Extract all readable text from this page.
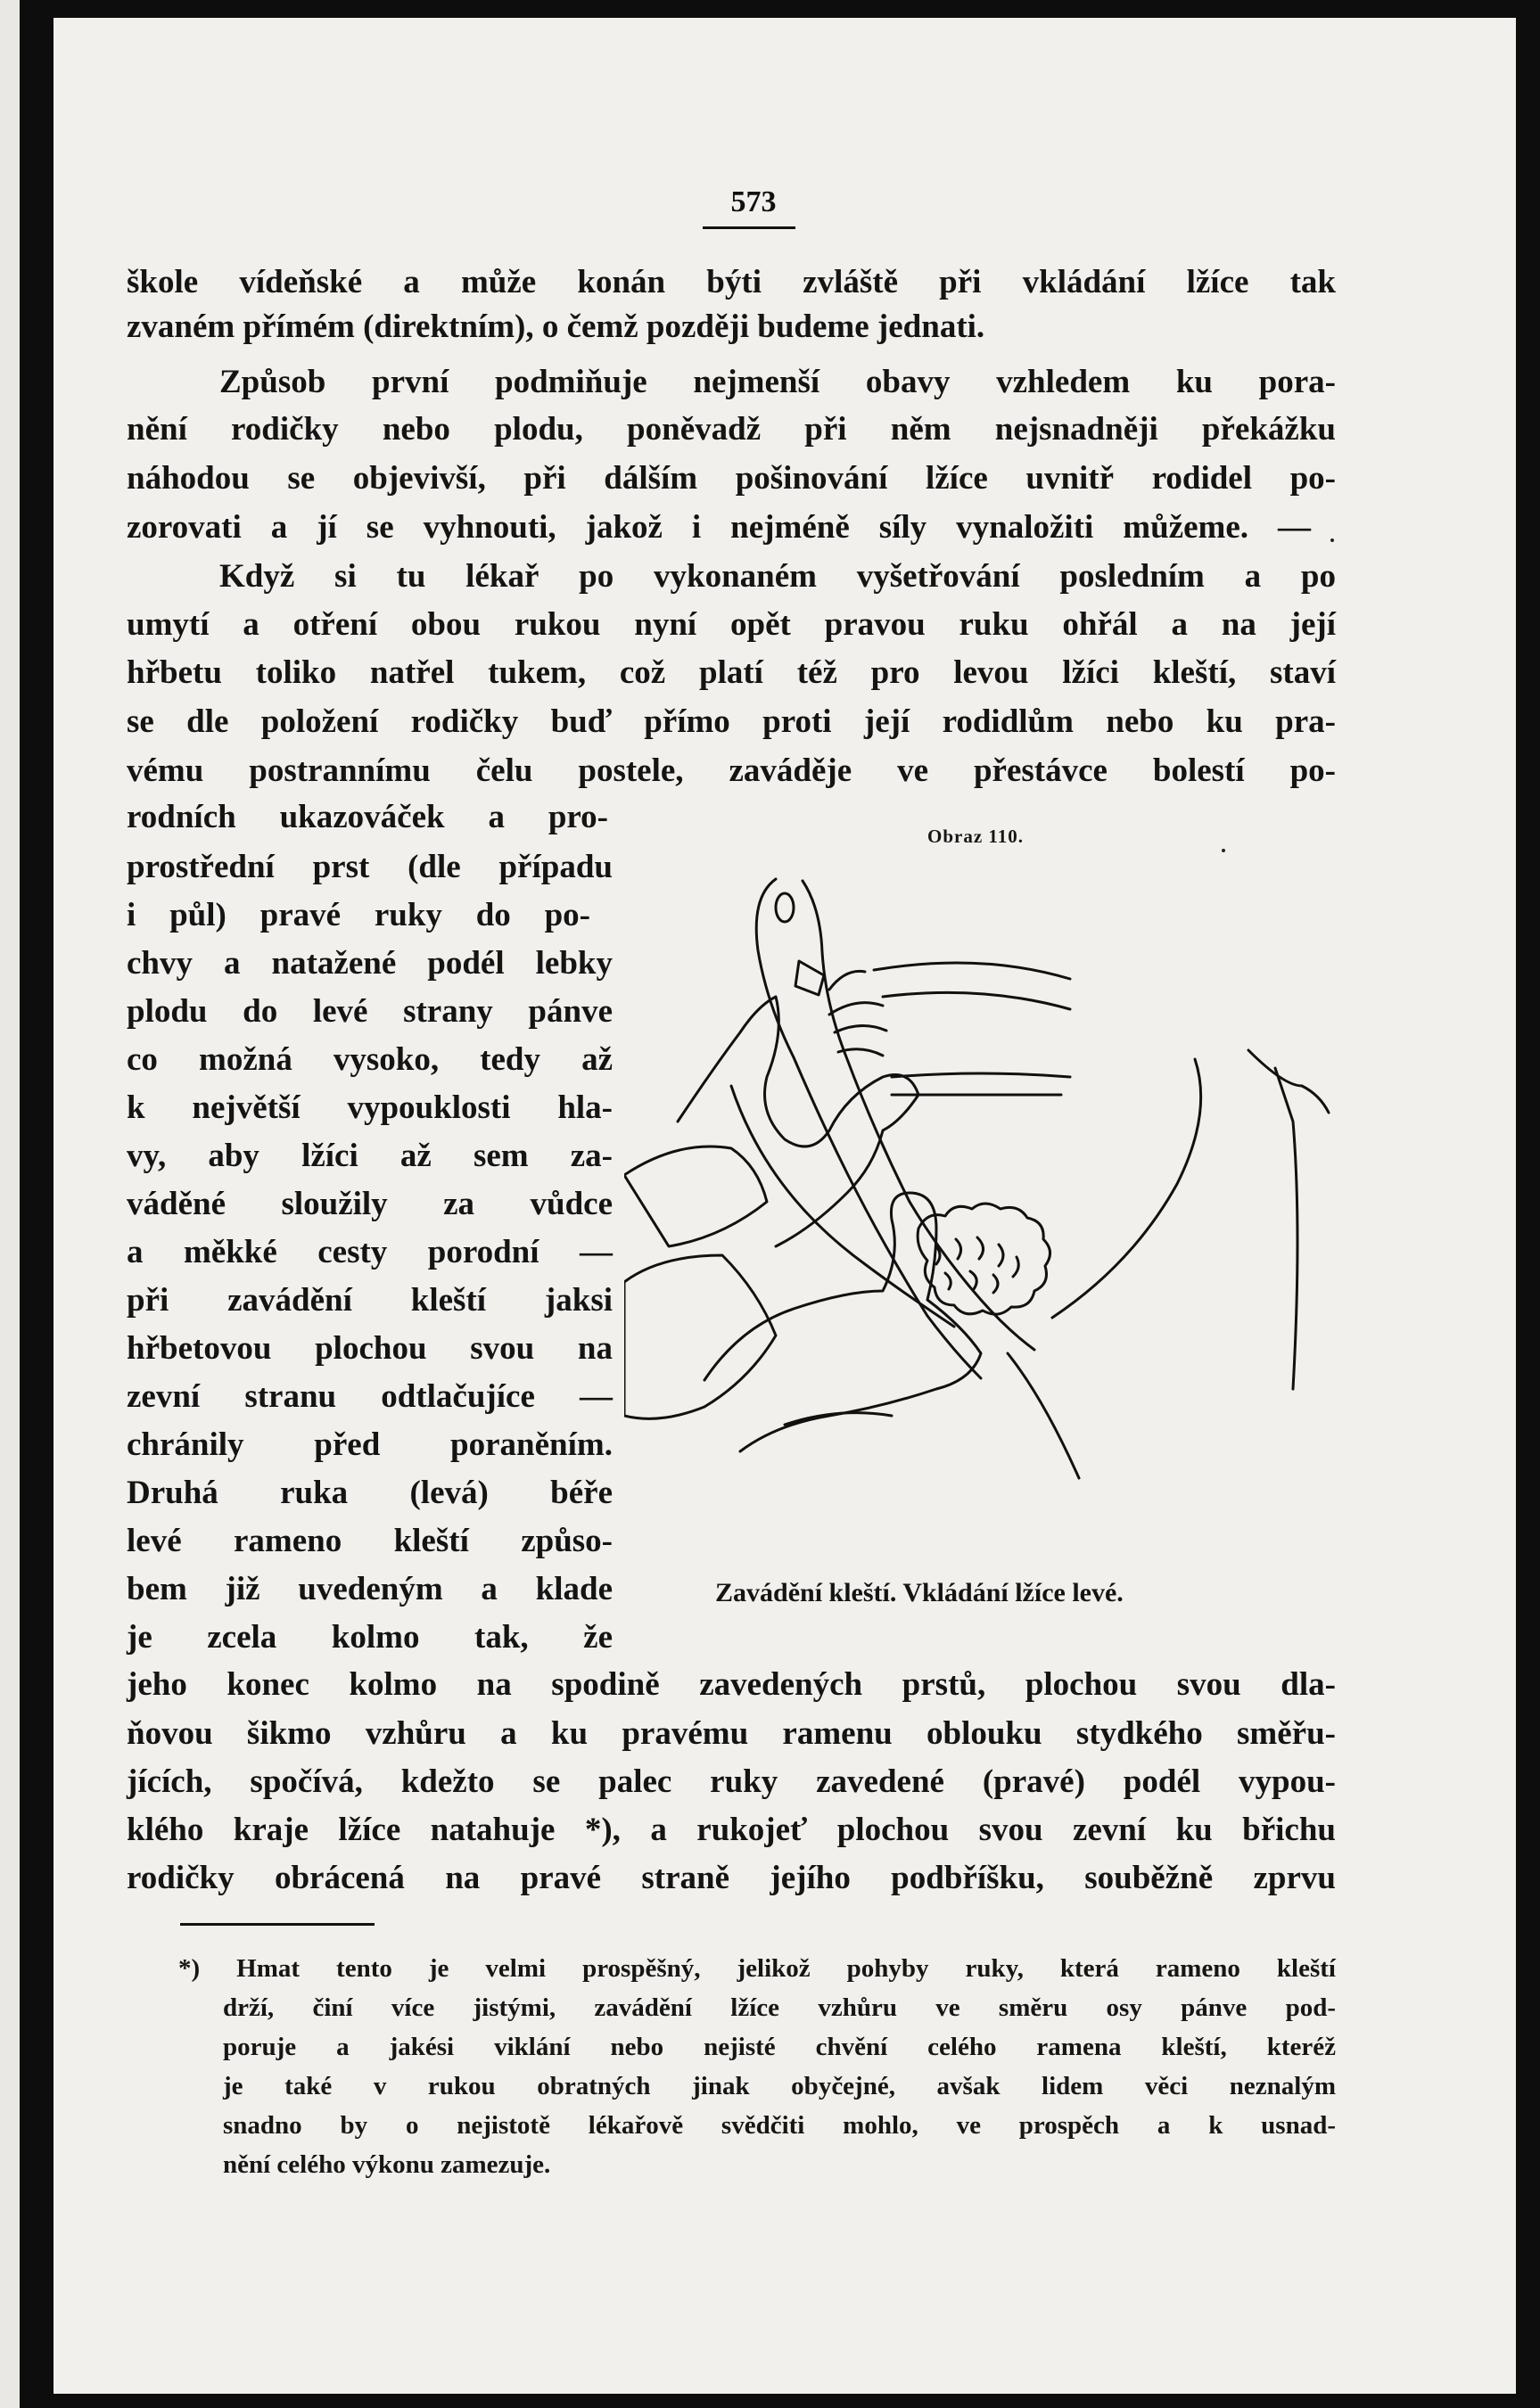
573

škole vídeňské a může konán býti zvláště při vkládání lžíce tak

zvaném přímém (direktním), o čemž později budeme jednati.

Způsob první podmiňuje nejmenší obavy vzhledem ku pora-

nění rodičky nebo plodu, poněvadž při něm nejsnadněji překážku

náhodou se objevivší, při dálším pošinování lžíce uvnitř rodidel po-

zorovati a jí se vyhnouti, jakož i nejméně síly vynaložiti můžeme. —

Když si tu lékař po vykonaném vyšetřování posledním a po

umytí a otření obou rukou nyní opět pravou ruku ohřál a na její

hřbetu toliko natřel tukem, což platí též pro levou lžíci kleští, staví

se dle položení rodičky buď přímo proti její rodidlům nebo ku pra-

vému postrannímu čelu postele, zaváděje ve přestávce bolestí po-

rodních ukazováček a pro-

prostřední prst (dle případu

i půl) pravé ruky do po-

chvy a natažené podél lebky

plodu do levé strany pánve

co možná vysoko, tedy až

k největší vypouklosti hla-

vy, aby lžíci až sem za-

váděné sloužily za vůdce

a měkké cesty porodní —

při zavádění kleští jaksi

hřbetovou plochou svou na

zevní stranu odtlačujíce —

chránily před poraněním.

Druhá ruka (levá) béře

levé rameno kleští způso-

bem již uvedeným a klade

je zcela kolmo tak, že

Obraz 110.

Zavádění kleští. Vkládání lžíce levé.

jeho konec kolmo na spodině zavedených prstů, plochou svou dla-

ňovou šikmo vzhůru a ku pravému ramenu oblouku stydkého směřu-

jících, spočívá, kdežto se palec ruky zavedené (pravé) podél vypou-

klého kraje lžíce natahuje *), a rukojeť plochou svou zevní ku břichu

rodičky obrácená na pravé straně jejího podbříšku, souběžně zprvu

*) Hmat tento je velmi prospěšný, jelikož pohyby ruky, která rameno kleští

drží, činí více jistými, zavádění lžíce vzhůru ve směru osy pánve pod-

poruje a jakési viklání nebo nejisté chvění celého ramena kleští, kteréž

je také v rukou obratných jinak obyčejné, avšak lidem věci neznalým

snadno by o nejistotě lékařově svědčiti mohlo, ve prospěch a k usnad-

nění celého výkonu zamezuje.
